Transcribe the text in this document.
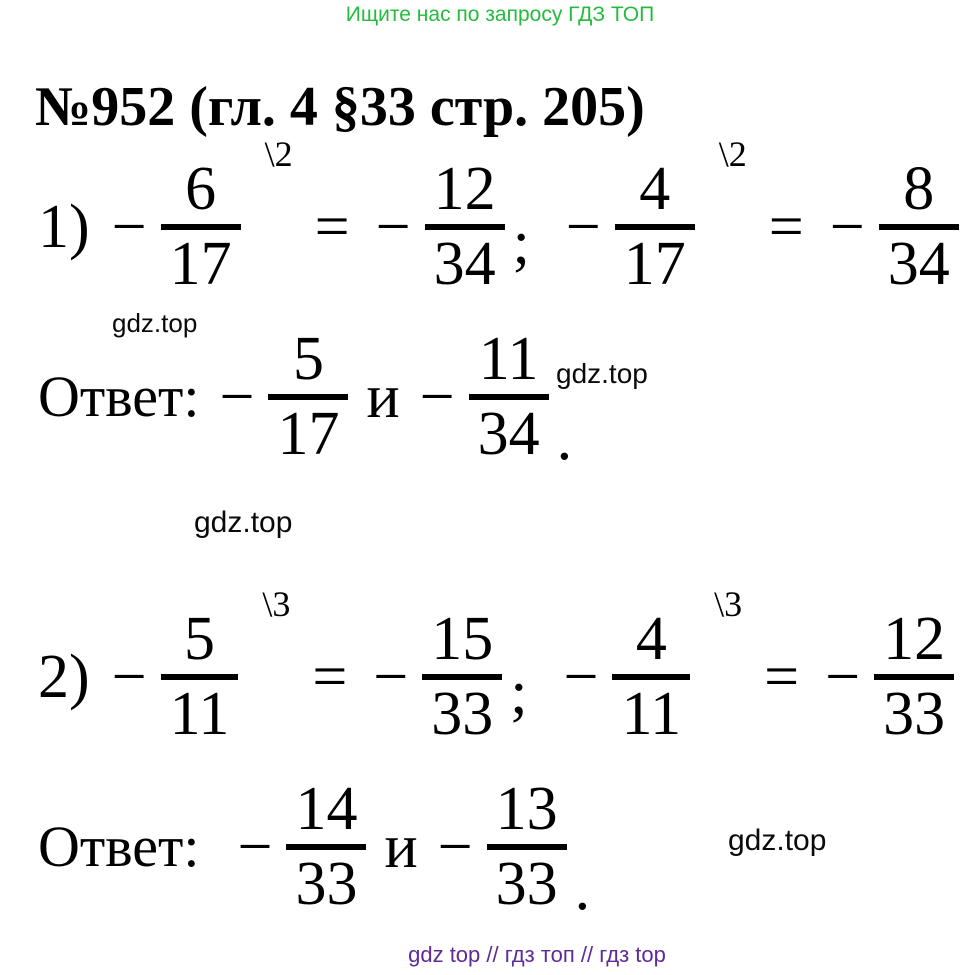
Ищите нас по запросу ГДЗ ТОП
№952 (гл. 4 §33 стр. 205)
1) −
6
17
\2
= −
12
34 ; −
4
17
\2
= −
8
34
gdz.top
Ответ: −
5
17
и −
11
34 .
gdz.top
gdz.top
2) −
5
11
\3
= −
15
33 ; −
4
11
\3
= −
12
33
Ответ: −
14
33
и −
13
33 .
gdz.top
gdz top // гдз топ // гдз top
